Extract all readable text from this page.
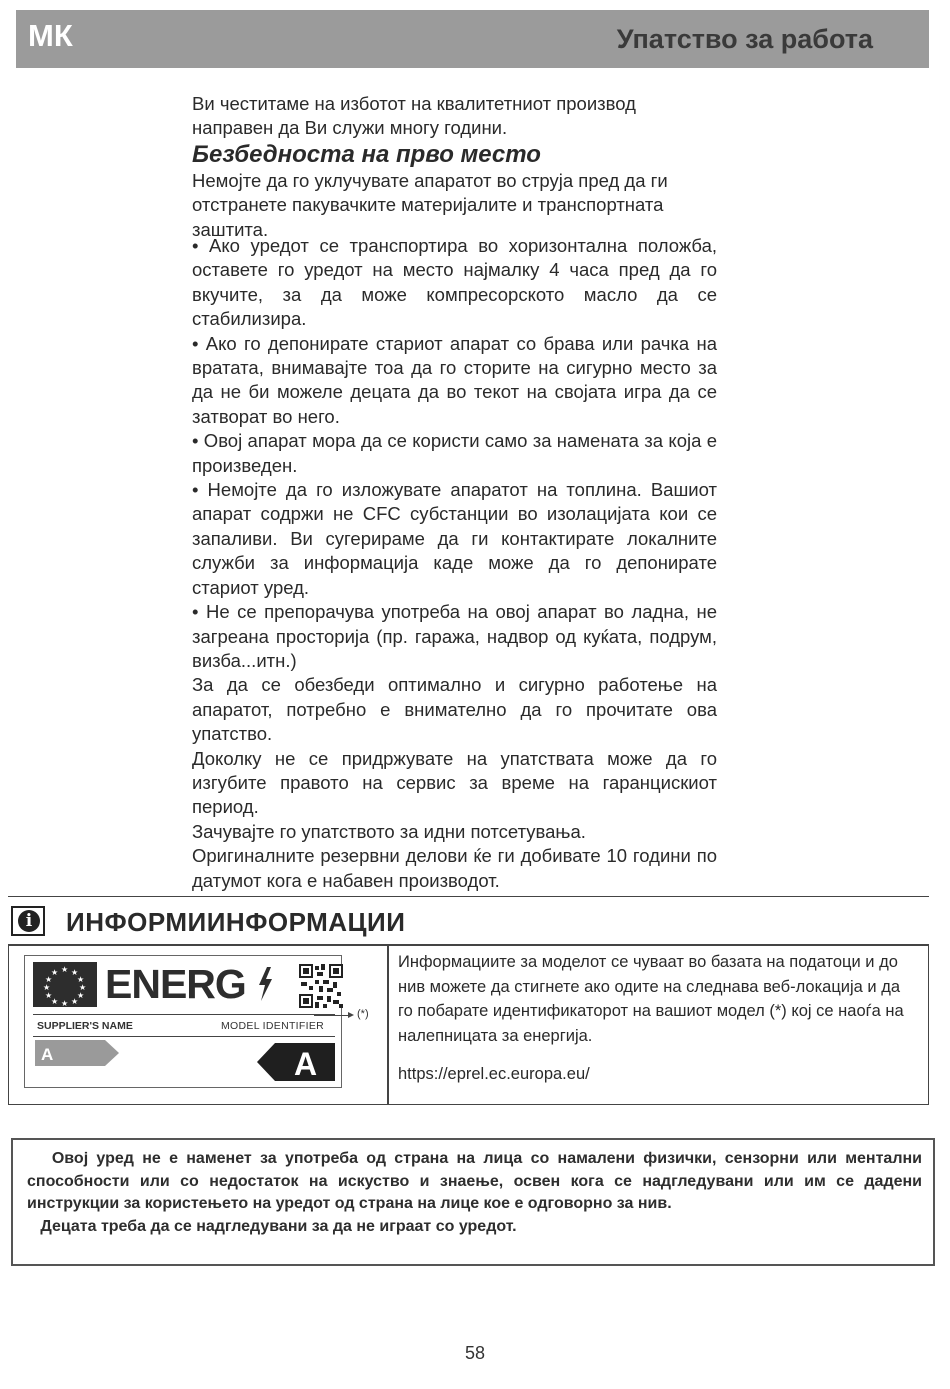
МК	Упатство за работа

Ви честитаме на изботот на квалитетниот производ

направен да Ви служи многу години.

Безбедноста на прво место

Немојте да го уклучувате апаратот во струја пред да ги отстранете пакувачките материјалите и транспортната заштита.

• Ако уредот се транспортира во хоризонтална положба, оставете го уредот на место најмалку 4 часа пред да го вкучите, за да може компресорското масло да се стабилизира.

• Ако го депонирате стариот апарат со брава или рачка на вратата, внимавајте тоа да го сторите на сигурно место за да не би можеле децата да во текот на својата игра да се затворат во него.

• Овој апарат мора да се користи само за намената за која е произведен.

• Немојте да го изложувате апаратот на топлина. Вашиот апарат содржи не CFC субстанции во изолацијата кои се запаливи. Ви сугерираме да ги контактирате локалните служби за информација каде може да го депонирате стариот уред.

• Не се препорачува употреба на овој апарат во ладна, не загреана просторија (пр. гаража, надвор од куќата, подрум, визба...итн.)

За да се обезбеди оптимално и сигурно работење на апаратот, потребно е внимателно да го прочитате ова упатство.

Доколку не се придржувате на упатствата може да го изгубите правото на сервис за време на гаранцискиот период.

Зачувајте го упатството за идни потсетувања.

Оригиналните резервни делови ќе ги добивате 10 години по датумот кога е набавен производот.

i ИНФОРМИИНФОРМАЦИИ
★ ★
★
★
★
★
★
★
★
★
★
★ ENERG
SUPPLIER'S NAME	MODEL IDENTIFIER
A	A
(*)
Информациите за моделот се чуваат во базата на податоци и до нив можете да стигнете ако одите на следнава веб-локација и да го побарате идентификаторот на вашиот модел (*) кој се наоѓа на налепницата за енергија.
https://eprel.ec.europa.eu/

Овој уред не е наменет за употреба од страна на лица со намалени физички, сензорни или ментални способности или со недостаток на искуство и знаење, освен кога се надгледувани или им се дадени инструкции за користењето на уредот од страна на лице кое е одговорно за нив.

Децата треба да се надгледувани за да не играат со уредот.

58
